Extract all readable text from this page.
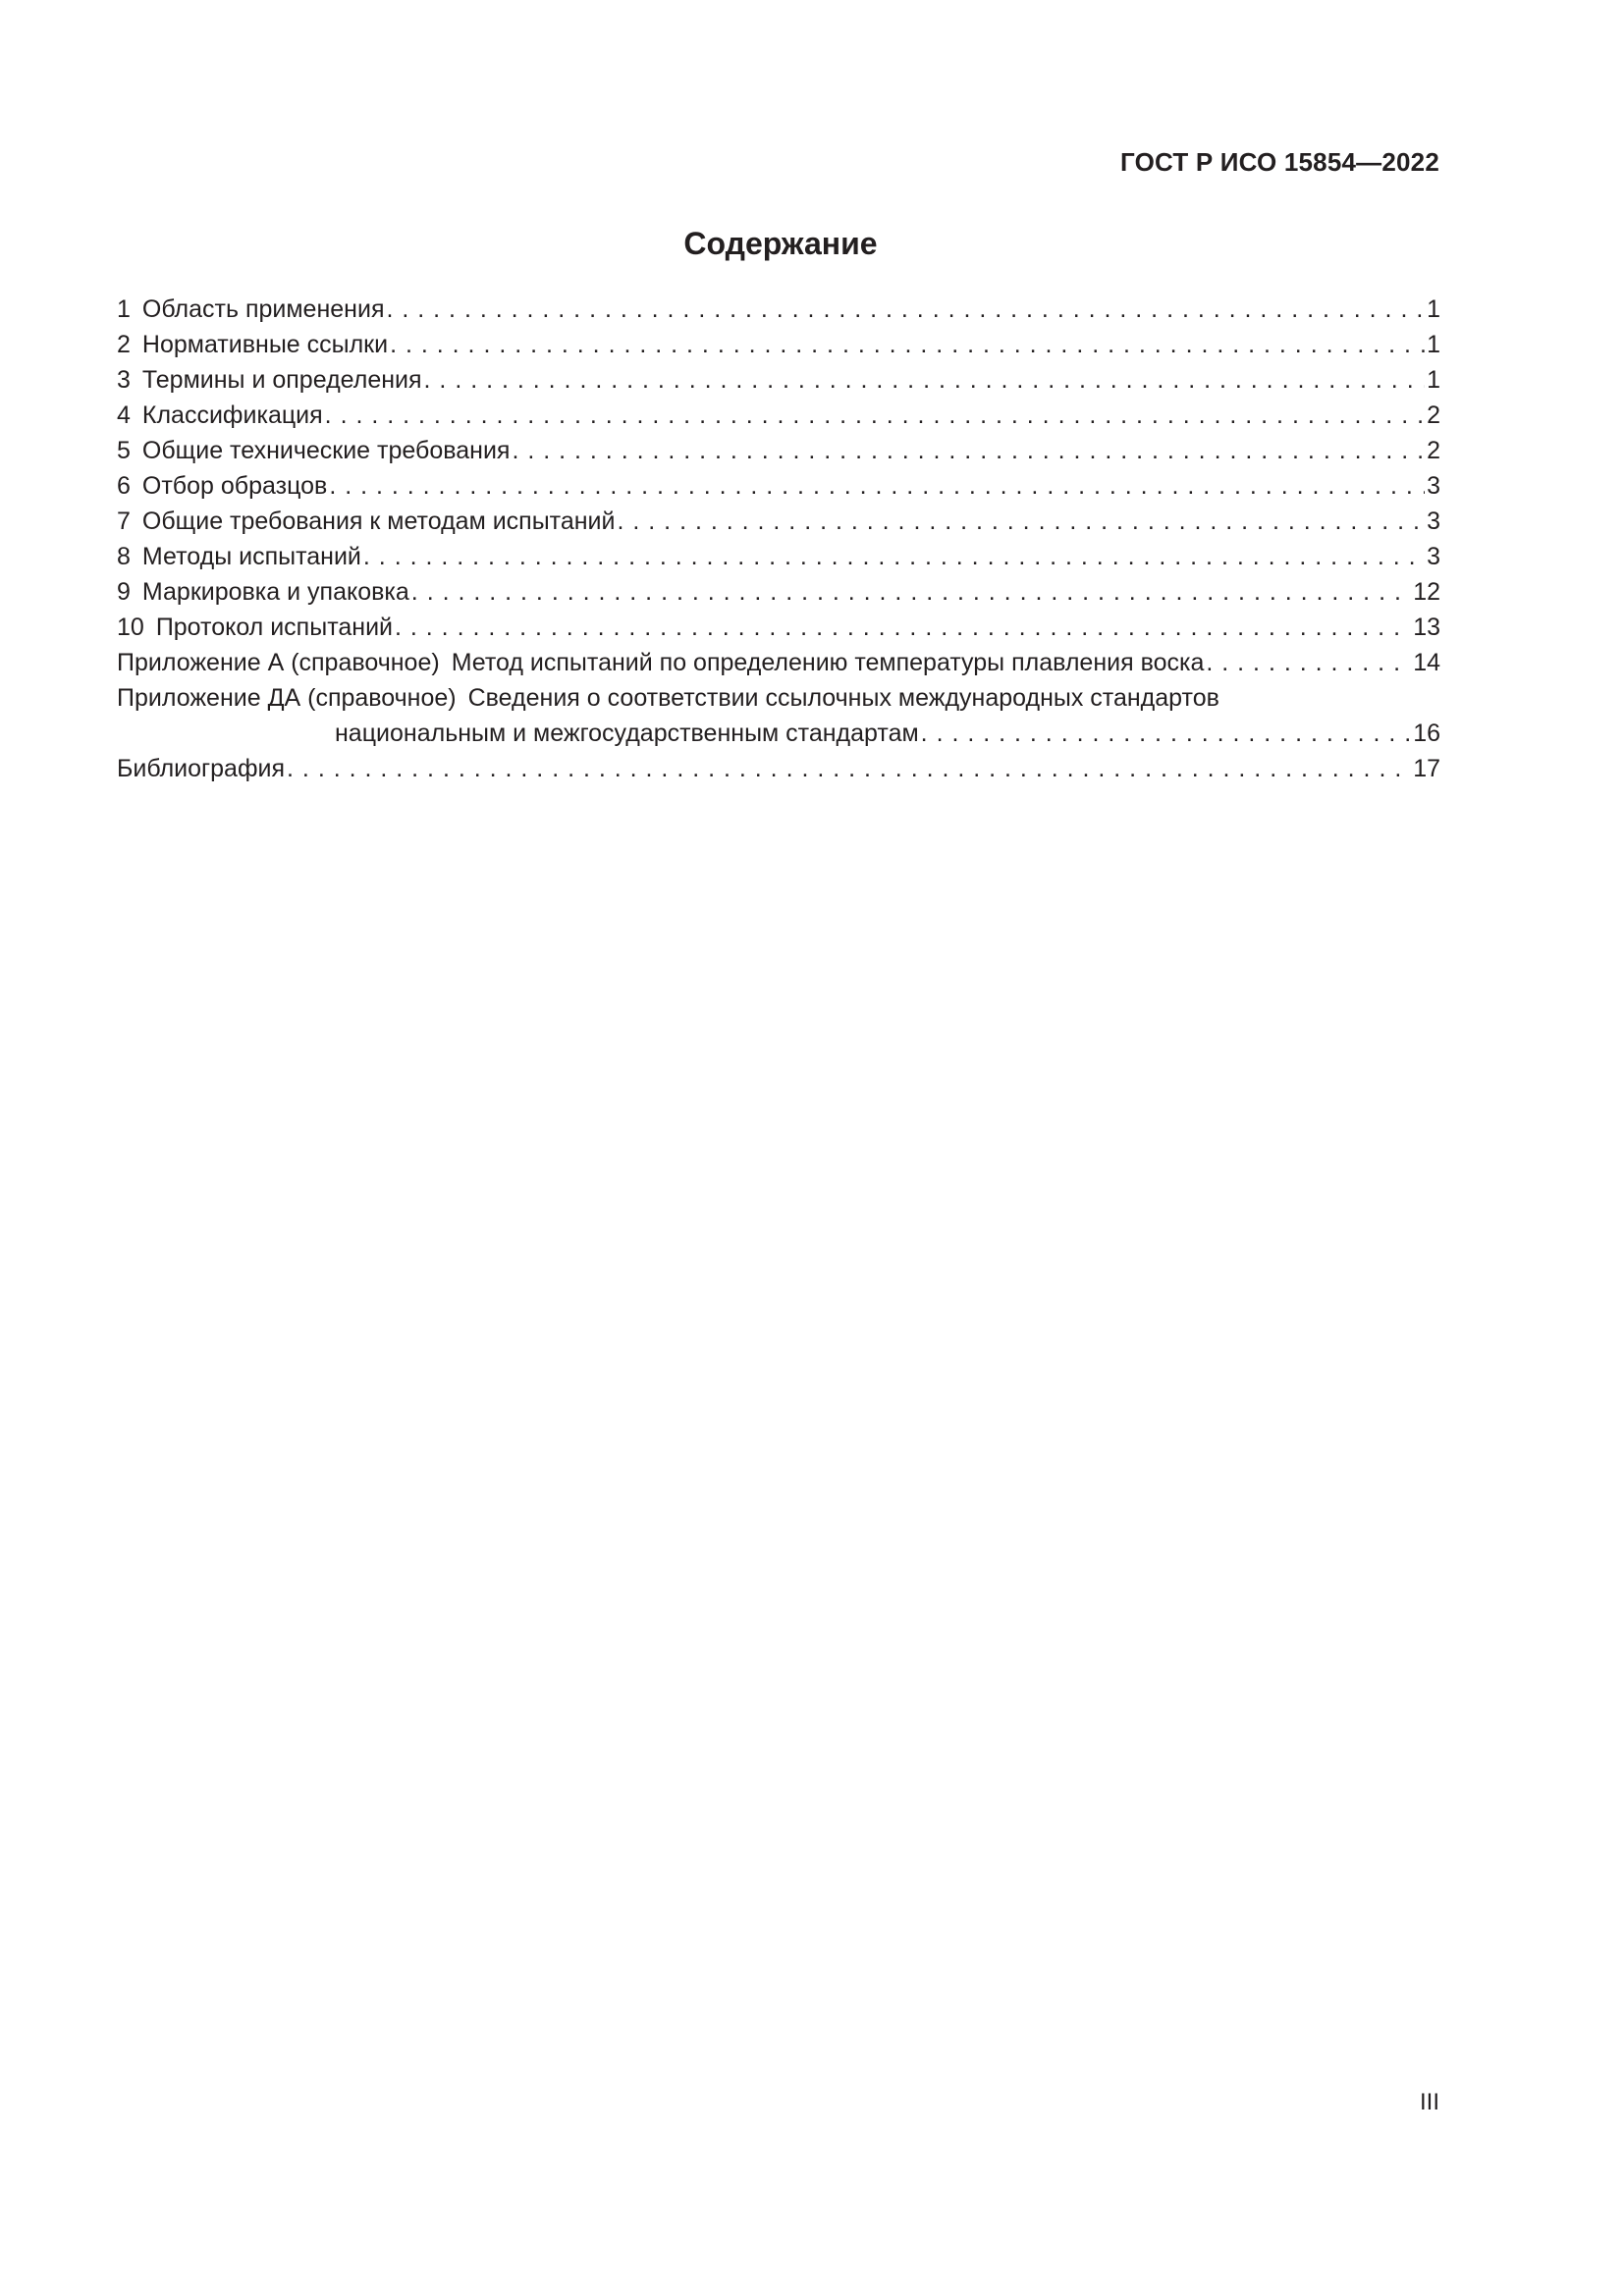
ГОСТ Р ИСО 15854—2022
Содержание
1 Область применения . . .	1
2 Нормативные ссылки . . .	1
3 Термины и определения . . .	1
4 Классификация . . .	2
5 Общие технические требования . . .	2
6 Отбор образцов . . .	3
7 Общие требования к методам испытаний . . .	3
8 Методы испытаний . . .	3
9 Маркировка и упаковка . . .	12
10 Протокол испытаний . . .	13
Приложение А (справочное) Метод испытаний по определению температуры плавления воска . . .	14
Приложение ДА (справочное) Сведения о соответствии ссылочных международных стандартов
национальным и межгосударственным стандартам . . .	16
Библиография . . .	17
III
